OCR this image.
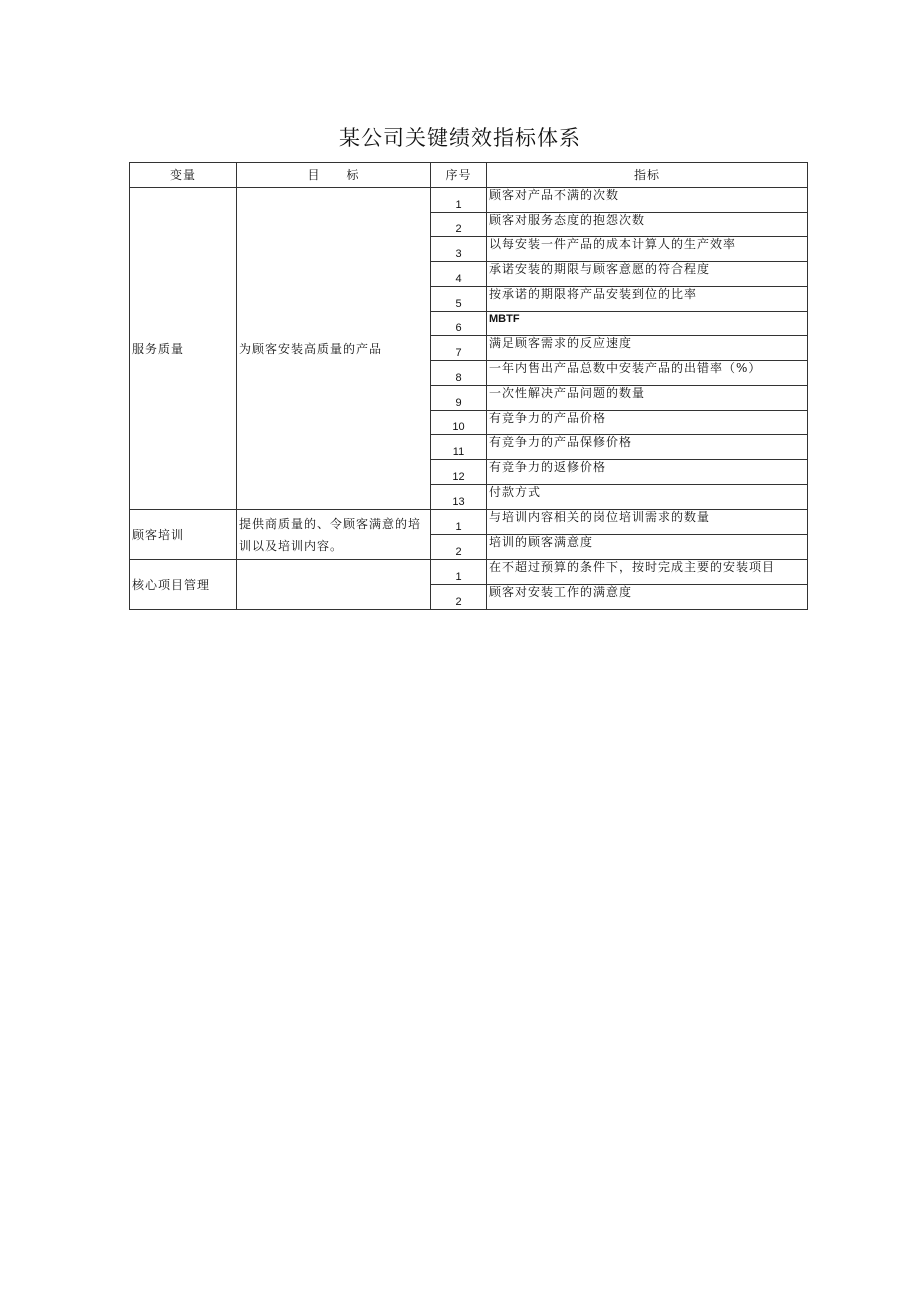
某公司关键绩效指标体系
变量	目　　标	序号	指标
服务质量	为顾客安装高质量的产品	1	顾客对产品不满的次数
		2	顾客对服务态度的抱怨次数
		3	以每安装一件产品的成本计算人的生产效率
		4	承诺安装的期限与顾客意愿的符合程度
		5	按承诺的期限将产品安装到位的比率
		6	MBTF
		7	满足顾客需求的反应速度
		8	一年内售出产品总数中安装产品的出错率（%）
		9	一次性解决产品问题的数量
		10	有竞争力的产品价格
		11	有竞争力的产品保修价格
		12	有竞争力的返修价格
		13	付款方式
顾客培训	提供商质量的、令顾客满意的培训以及培训内容。	1	与培训内容相关的岗位培训需求的数量
		2	培训的顾客满意度
核心项目管理		1	在不超过预算的条件下，按时完成主要的安装项目
		2	顾客对安装工作的满意度
